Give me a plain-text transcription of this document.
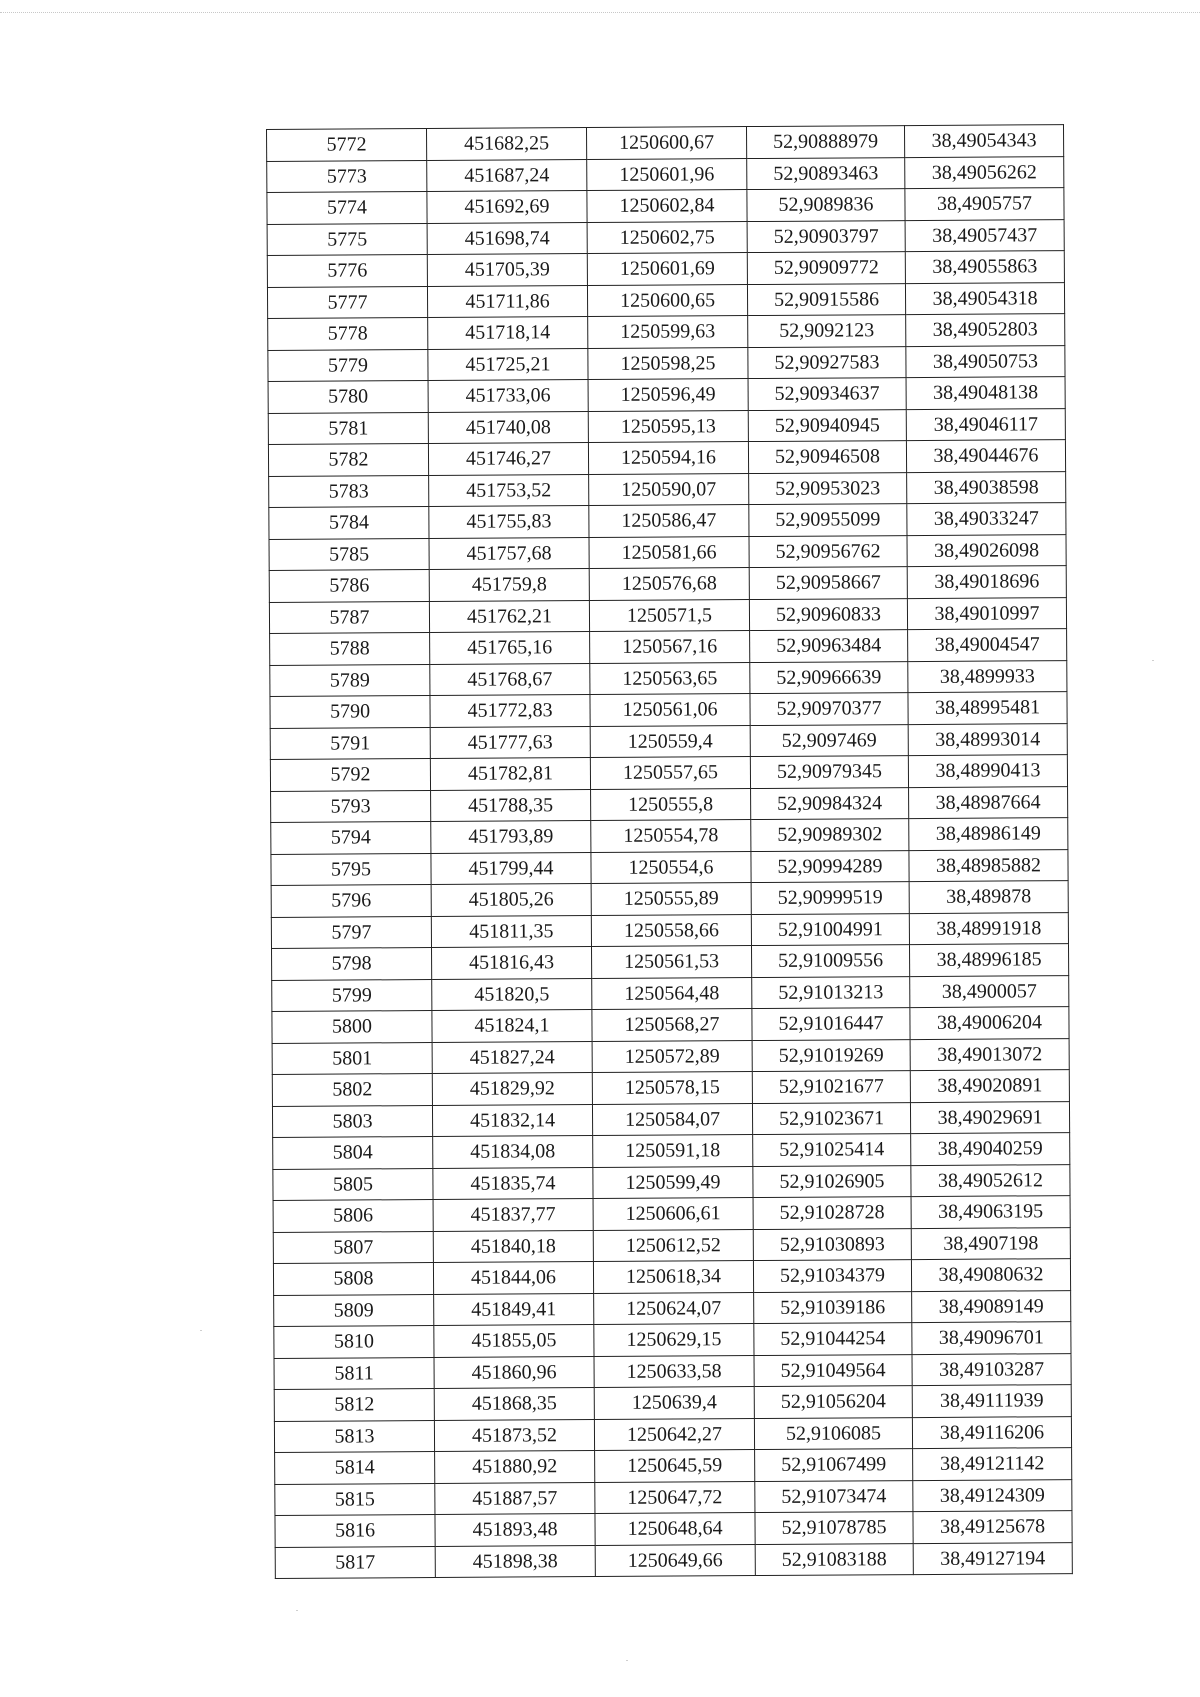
5772	451682,25	1250600,67	52,90888979	38,49054343
5773	451687,24	1250601,96	52,90893463	38,49056262
5774	451692,69	1250602,84	52,9089836	38,4905757
5775	451698,74	1250602,75	52,90903797	38,49057437
5776	451705,39	1250601,69	52,90909772	38,49055863
5777	451711,86	1250600,65	52,90915586	38,49054318
5778	451718,14	1250599,63	52,9092123	38,49052803
5779	451725,21	1250598,25	52,90927583	38,49050753
5780	451733,06	1250596,49	52,90934637	38,49048138
5781	451740,08	1250595,13	52,90940945	38,49046117
5782	451746,27	1250594,16	52,90946508	38,49044676
5783	451753,52	1250590,07	52,90953023	38,49038598
5784	451755,83	1250586,47	52,90955099	38,49033247
5785	451757,68	1250581,66	52,90956762	38,49026098
5786	451759,8	1250576,68	52,90958667	38,49018696
5787	451762,21	1250571,5	52,90960833	38,49010997
5788	451765,16	1250567,16	52,90963484	38,49004547
5789	451768,67	1250563,65	52,90966639	38,4899933
5790	451772,83	1250561,06	52,90970377	38,48995481
5791	451777,63	1250559,4	52,9097469	38,48993014
5792	451782,81	1250557,65	52,90979345	38,48990413
5793	451788,35	1250555,8	52,90984324	38,48987664
5794	451793,89	1250554,78	52,90989302	38,48986149
5795	451799,44	1250554,6	52,90994289	38,48985882
5796	451805,26	1250555,89	52,90999519	38,489878
5797	451811,35	1250558,66	52,91004991	38,48991918
5798	451816,43	1250561,53	52,91009556	38,48996185
5799	451820,5	1250564,48	52,91013213	38,4900057
5800	451824,1	1250568,27	52,91016447	38,49006204
5801	451827,24	1250572,89	52,91019269	38,49013072
5802	451829,92	1250578,15	52,91021677	38,49020891
5803	451832,14	1250584,07	52,91023671	38,49029691
5804	451834,08	1250591,18	52,91025414	38,49040259
5805	451835,74	1250599,49	52,91026905	38,49052612
5806	451837,77	1250606,61	52,91028728	38,49063195
5807	451840,18	1250612,52	52,91030893	38,4907198
5808	451844,06	1250618,34	52,91034379	38,49080632
5809	451849,41	1250624,07	52,91039186	38,49089149
5810	451855,05	1250629,15	52,91044254	38,49096701
5811	451860,96	1250633,58	52,91049564	38,49103287
5812	451868,35	1250639,4	52,91056204	38,49111939
5813	451873,52	1250642,27	52,9106085	38,49116206
5814	451880,92	1250645,59	52,91067499	38,49121142
5815	451887,57	1250647,72	52,91073474	38,49124309
5816	451893,48	1250648,64	52,91078785	38,49125678
5817	451898,38	1250649,66	52,91083188	38,49127194
